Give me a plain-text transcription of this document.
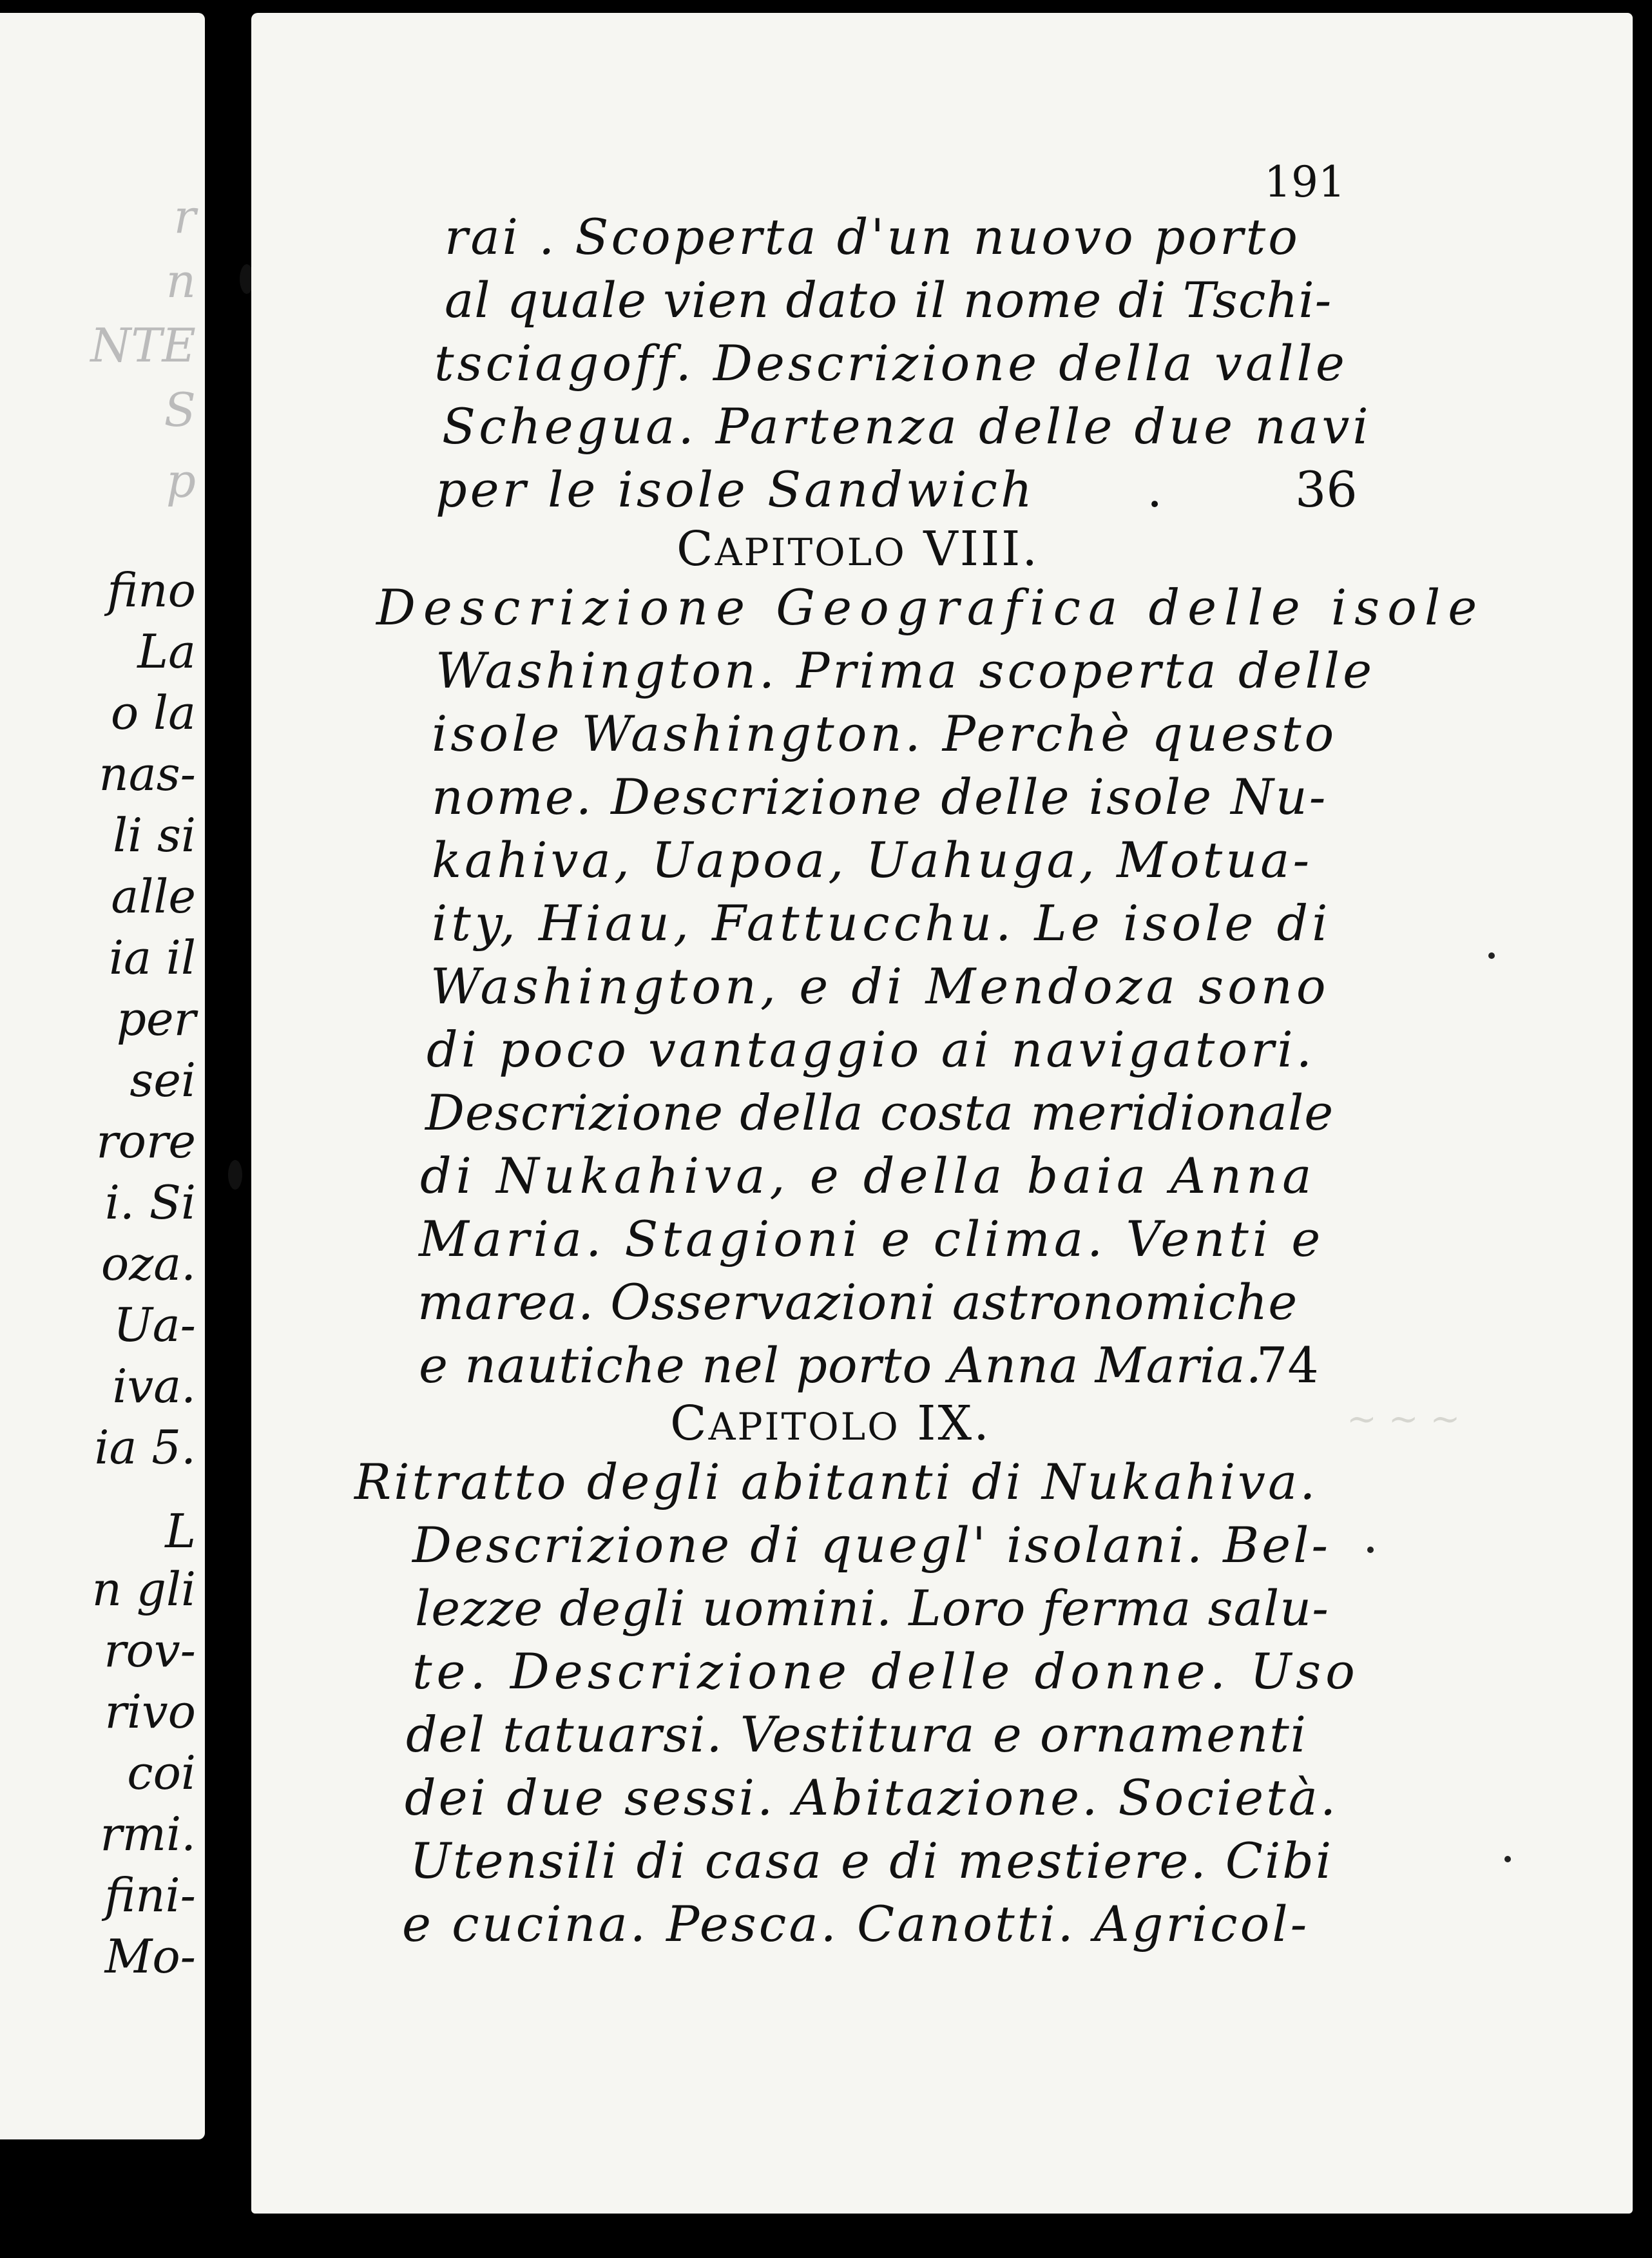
r
n
NTE
S
p
fino
La
o la
nas-
li si
alle
ia il
per
sei
rore
i. Si
oza.
Ua-
iva.
ia 5.
L
n gli
rov-
rivo
coi
rmi.
fini-
Mo-
~ ~ ~
191
rai . Scoperta d'un nuovo porto
al quale vien dato il nome di Tschi-
tsciagoff. Descrizione della valle
Schegua. Partenza delle due navi
per le isole Sandwich .	36
CAPITOLO VIII.
Descrizione Geografica delle isole
Washington. Prima scoperta delle
isole Washington. Perchè questo
nome. Descrizione delle isole Nu-
kahiva, Uapoa, Uahuga, Motua-
ity, Hiau, Fattucchu. Le isole di
Washington, e di Mendoza sono
di poco vantaggio ai navigatori.
Descrizione della costa meridionale
di Nukahiva, e della baia Anna
Maria. Stagioni e clima. Venti e
marea. Osservazioni astronomiche
e nautiche nel porto Anna Maria.
74
CAPITOLO IX.
Ritratto degli abitanti di Nukahiva.
Descrizione di quegl' isolani. Bel-
lezze degli uomini. Loro ferma salu-
te. Descrizione delle donne. Uso
del tatuarsi. Vestitura e ornamenti
dei due sessi. Abitazione. Società.
Utensili di casa e di mestiere. Cibi
e cucina. Pesca. Canotti. Agricol-
